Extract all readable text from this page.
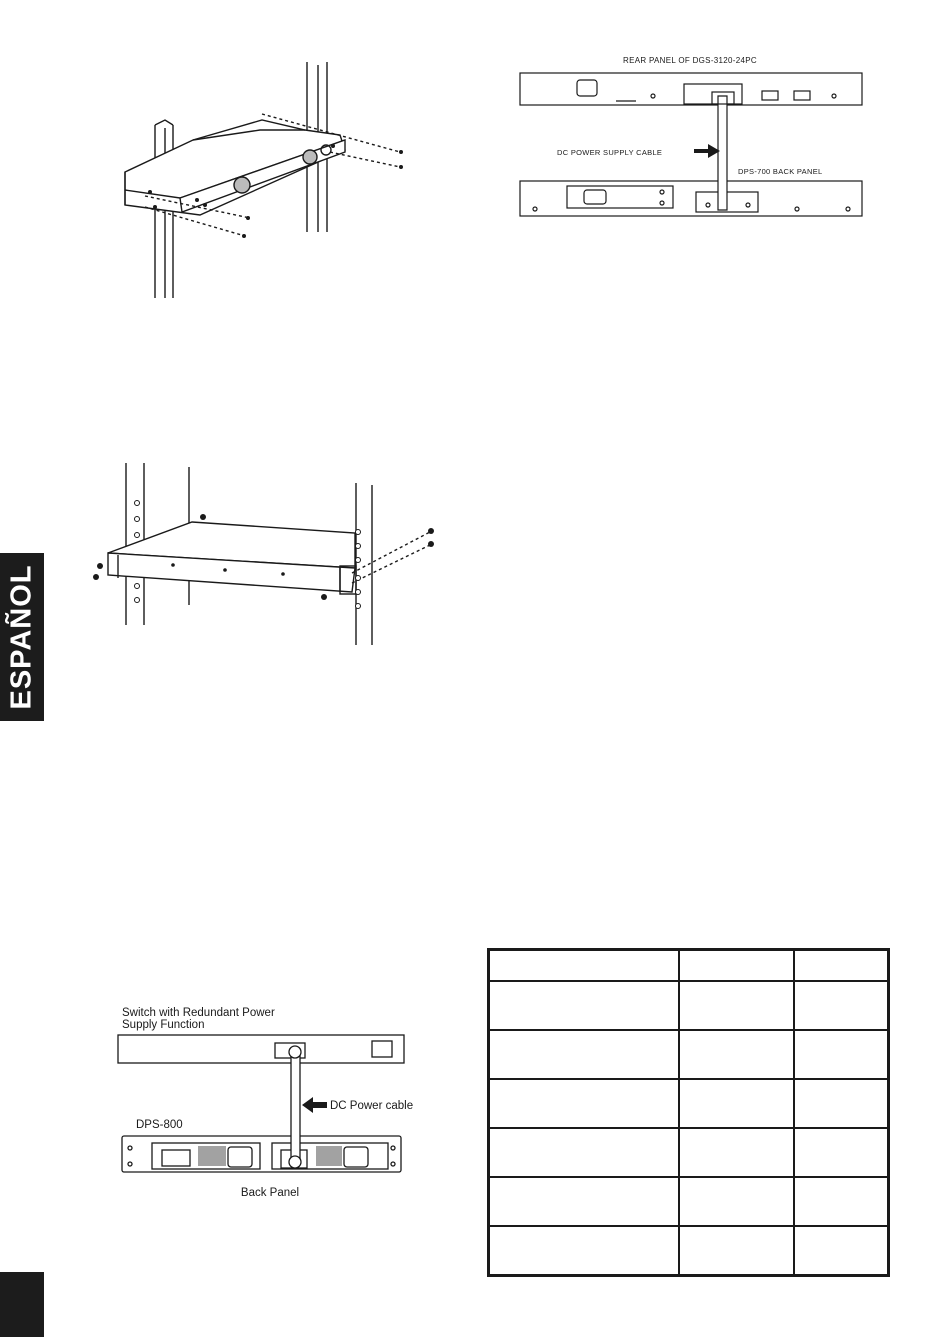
REAR PANEL OF DGS-3120-24PC
DC POWER SUPPLY CABLE
DPS-700 BACK PANEL
Switch with Redundant Power
Supply Function
DPS-800
DC Power cable
Back Panel
ESPAÑOL
